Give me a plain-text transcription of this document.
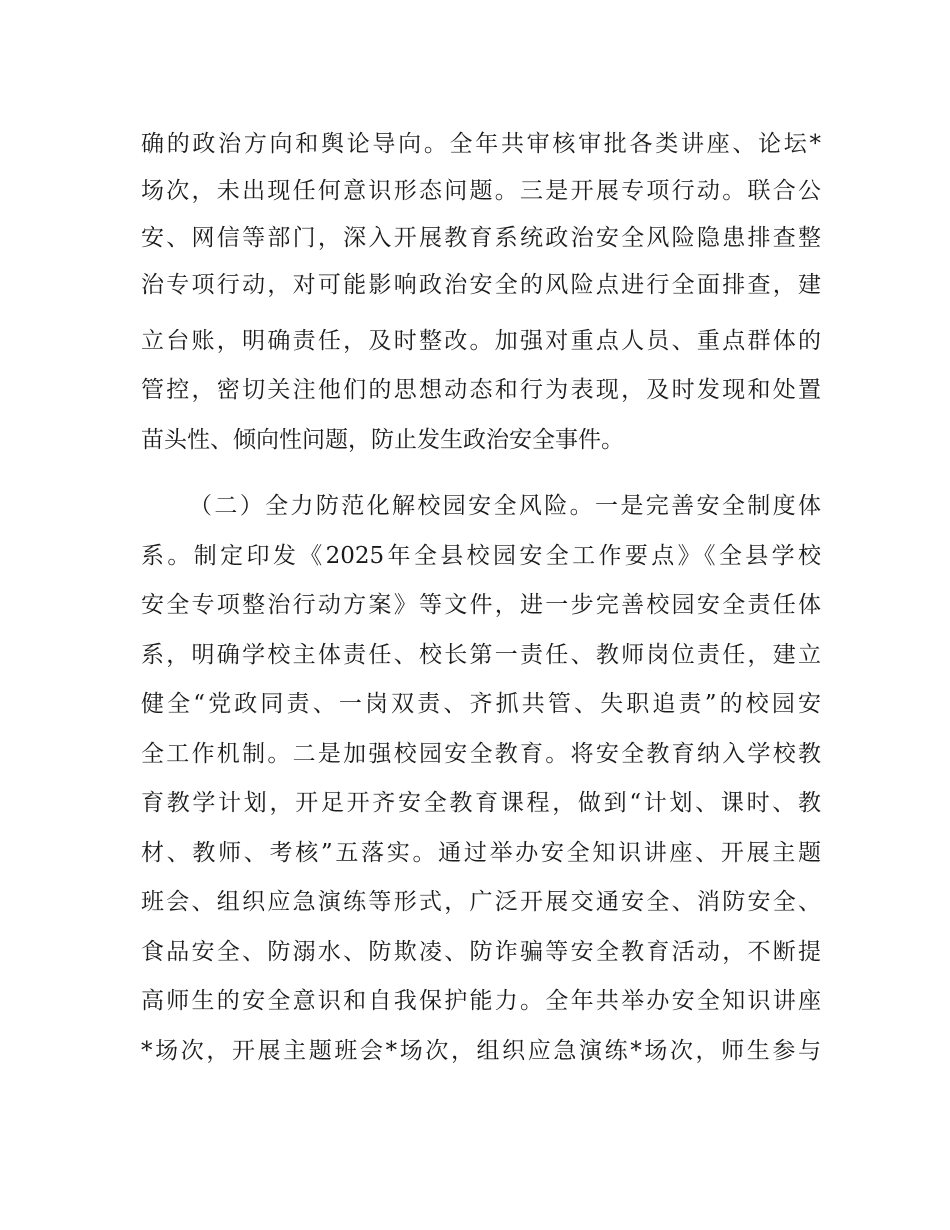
确的政治方向和舆论导向。全年共审核审批各类讲座、论坛*
场次，未出现任何意识形态问题。三是开展专项行动。联合公
安、网信等部门，深入开展教育系统政治安全风险隐患排查整
治专项行动，对可能影响政治安全的风险点进行全面排查，建
立台账，明确责任，及时整改。加强对重点人员、重点群体的
管控，密切关注他们的思想动态和行为表现，及时发现和处置
苗头性、倾向性问题，防止发生政治安全事件。
（二）全力防范化解校园安全风险。一是完善安全制度体
系。制定印发《2025年全县校园安全工作要点》《全县学校
安全专项整治行动方案》等文件，进一步完善校园安全责任体
系，明确学校主体责任、校长第一责任、教师岗位责任，建立
健全“党政同责、一岗双责、齐抓共管、失职追责”的校园安
全工作机制。二是加强校园安全教育。将安全教育纳入学校教
育教学计划，开足开齐安全教育课程，做到“计划、课时、教
材、教师、考核”五落实。通过举办安全知识讲座、开展主题
班会、组织应急演练等形式，广泛开展交通安全、消防安全、
食品安全、防溺水、防欺凌、防诈骗等安全教育活动，不断提
高师生的安全意识和自我保护能力。全年共举办安全知识讲座
*场次，开展主题班会*场次，组织应急演练*场次，师生参与
